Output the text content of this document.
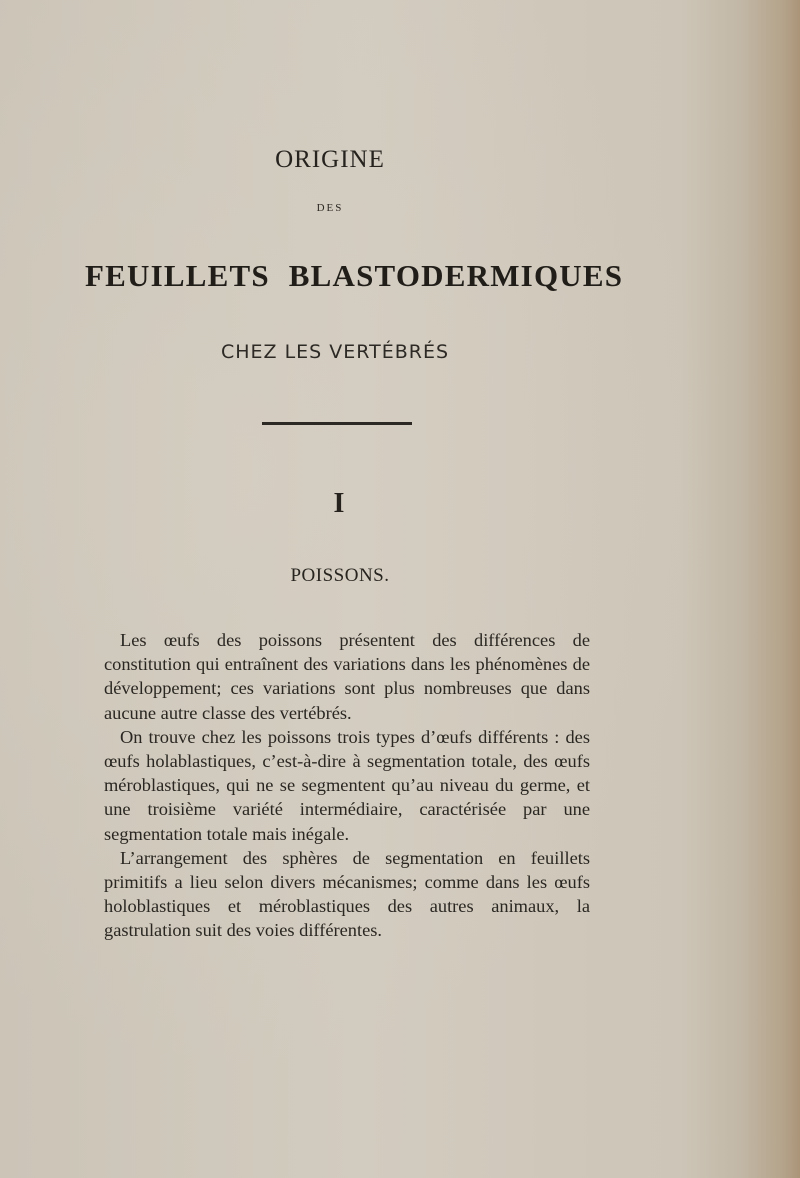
ORIGINE
DES
FEUILLETS BLASTODERMIQUES
CHEZ LES VERTÉBRÉS
I
POISSONS.

Les œufs des poissons présentent des différences de constitution qui entraînent des variations dans les phénomènes de développement; ces variations sont plus nombreuses que dans aucune autre classe des vertébrés.

On trouve chez les poissons trois types d’œufs différents : des œufs holablastiques, c’est-à-dire à segmentation totale, des œufs méroblastiques, qui ne se segmentent qu’au niveau du germe, et une troisième variété intermédiaire, caractérisée par une segmentation totale mais inégale.

L’arrangement des sphères de segmentation en feuillets primitifs a lieu selon divers mécanismes; comme dans les œufs holoblastiques et méroblastiques des autres animaux, la gastrulation suit des voies différentes.
